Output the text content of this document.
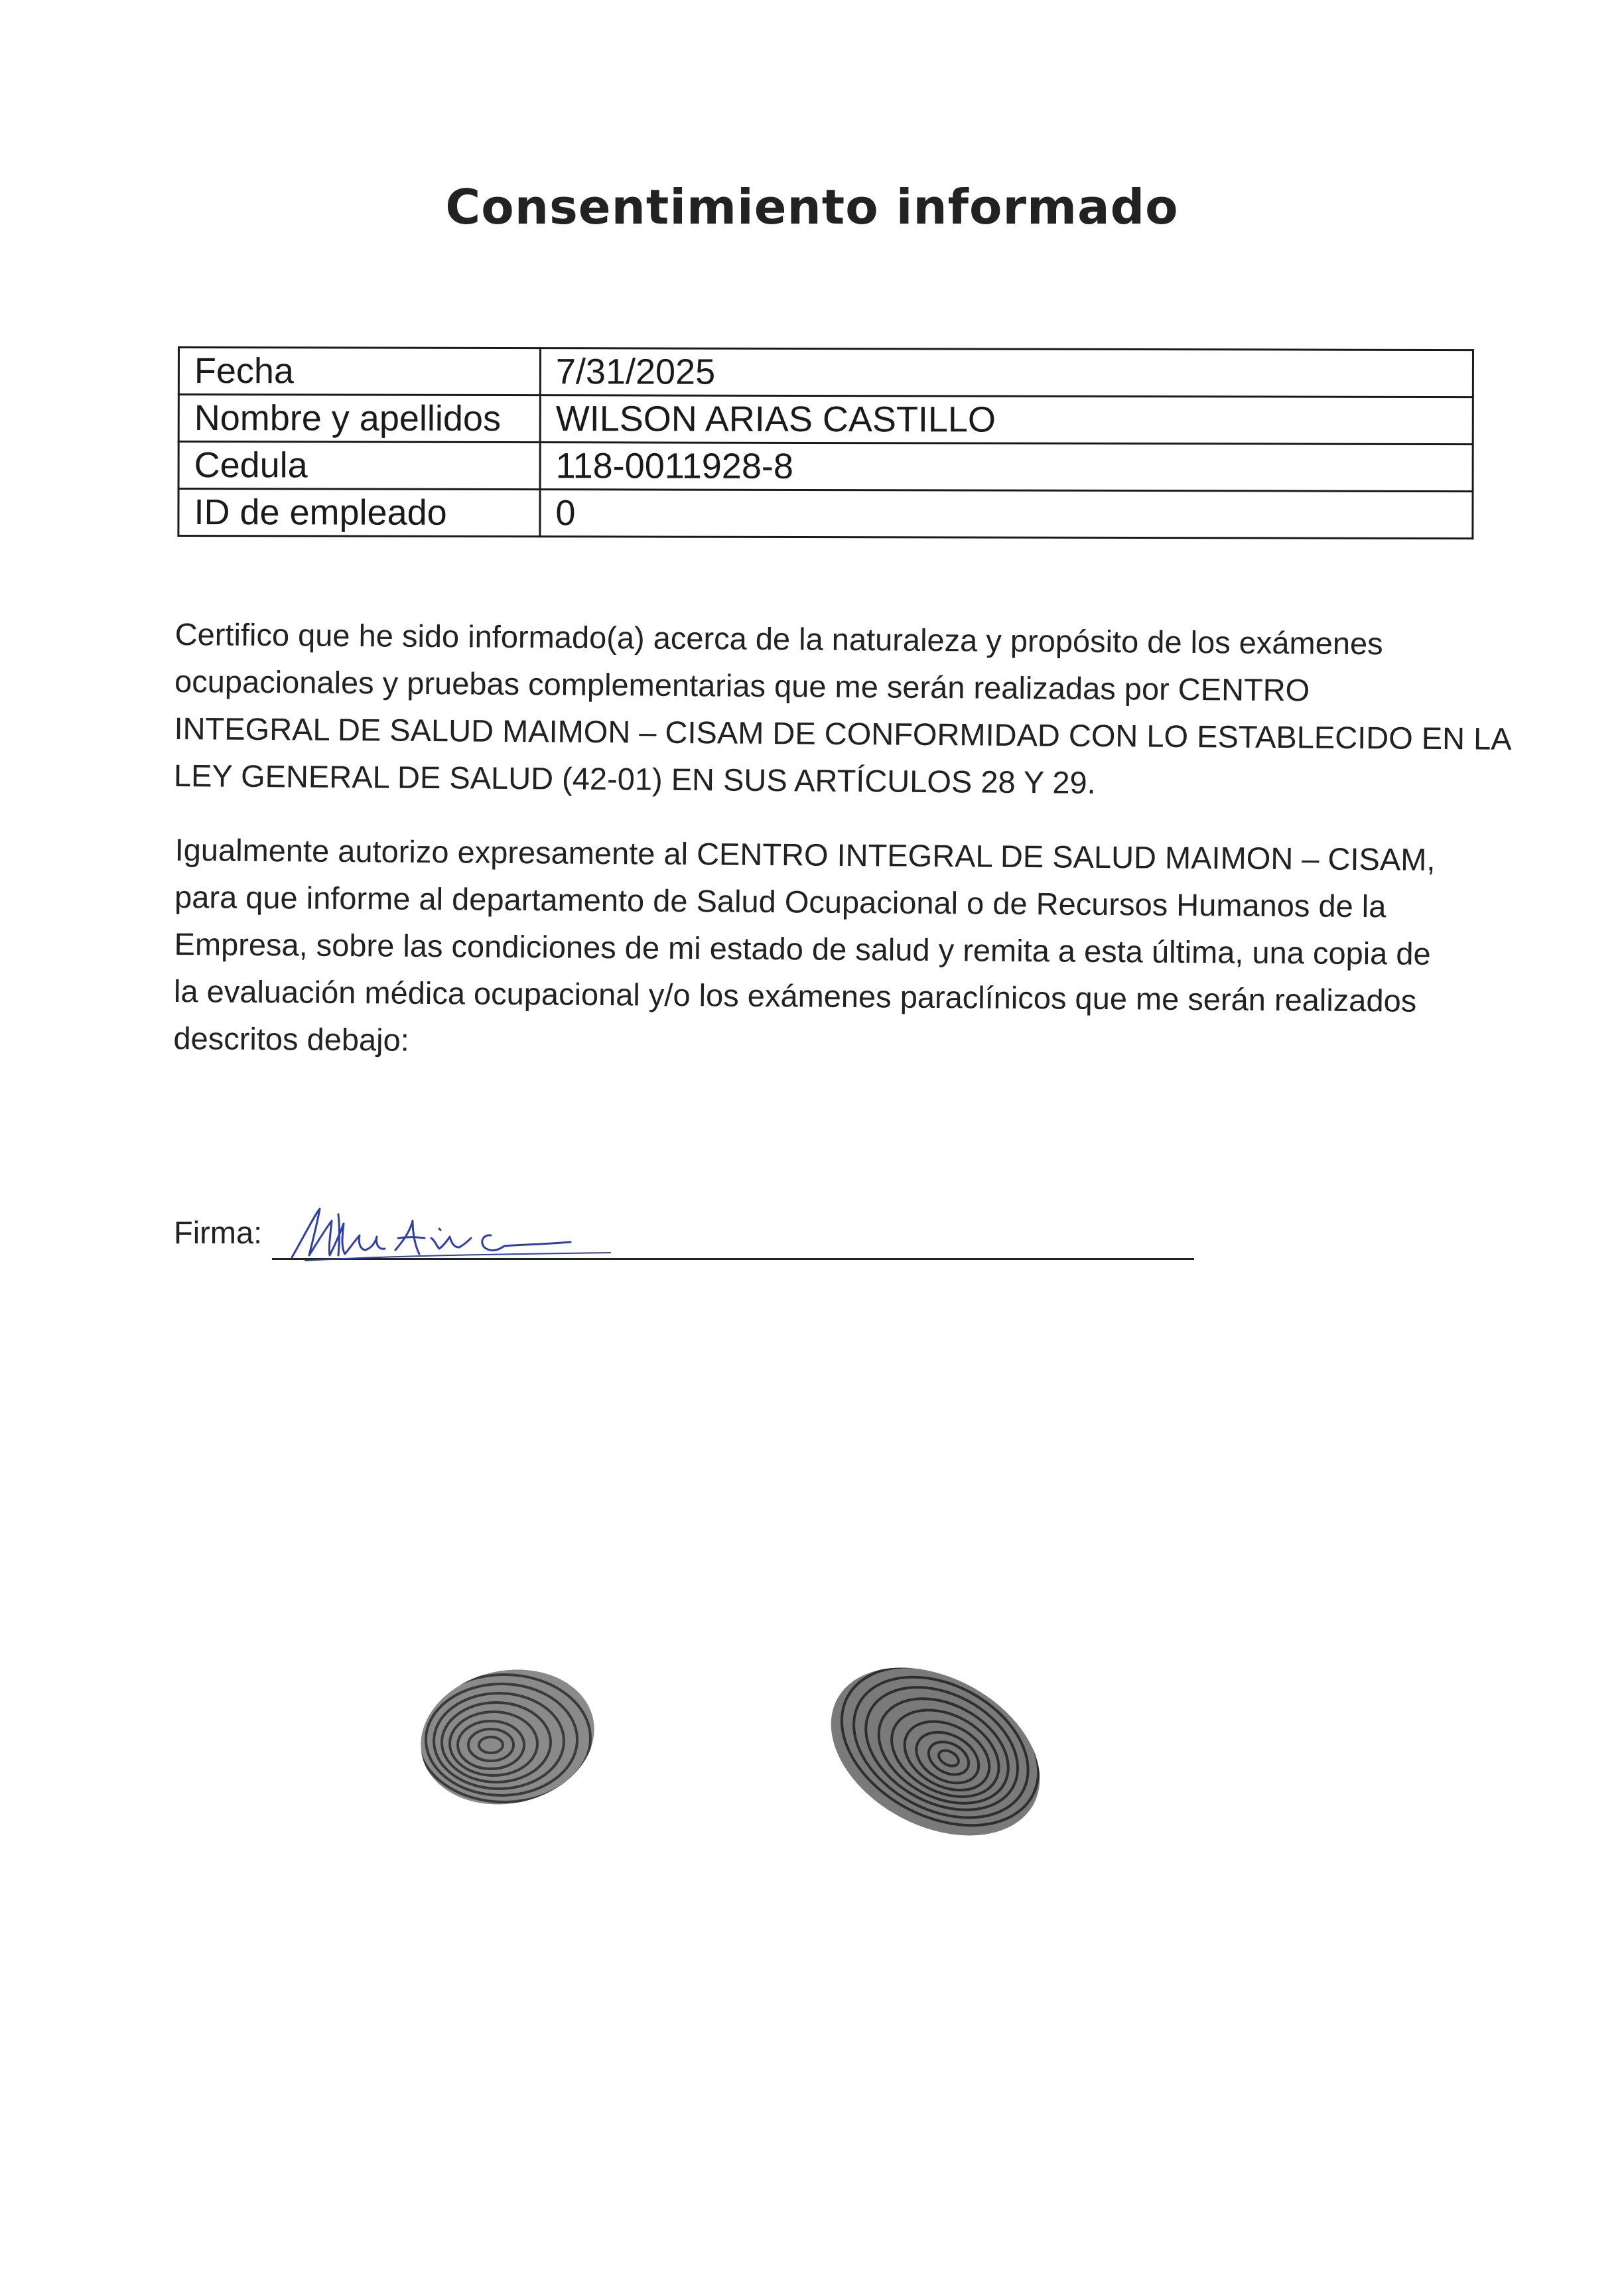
Consentimiento informado
Fecha	7/31/2025
Nombre y apellidos	WILSON ARIAS CASTILLO
Cedula	118-0011928-8
ID de empleado	0

Certifico que he sido informado(a) acerca de la naturaleza y propósito de los exámenes

ocupacionales y pruebas complementarias que me serán realizadas por CENTRO

INTEGRAL DE SALUD MAIMON – CISAM DE CONFORMIDAD CON LO ESTABLECIDO EN LA

LEY GENERAL DE SALUD (42-01) EN SUS ARTÍCULOS 28 Y 29.

Igualmente autorizo expresamente al CENTRO INTEGRAL DE SALUD MAIMON – CISAM,

para que informe al departamento de Salud Ocupacional o de Recursos Humanos de la

Empresa, sobre las condiciones de mi estado de salud y remita a esta última, una copia de

la evaluación médica ocupacional y/o los exámenes paraclínicos que me serán realizados

descritos debajo:

Firma:
